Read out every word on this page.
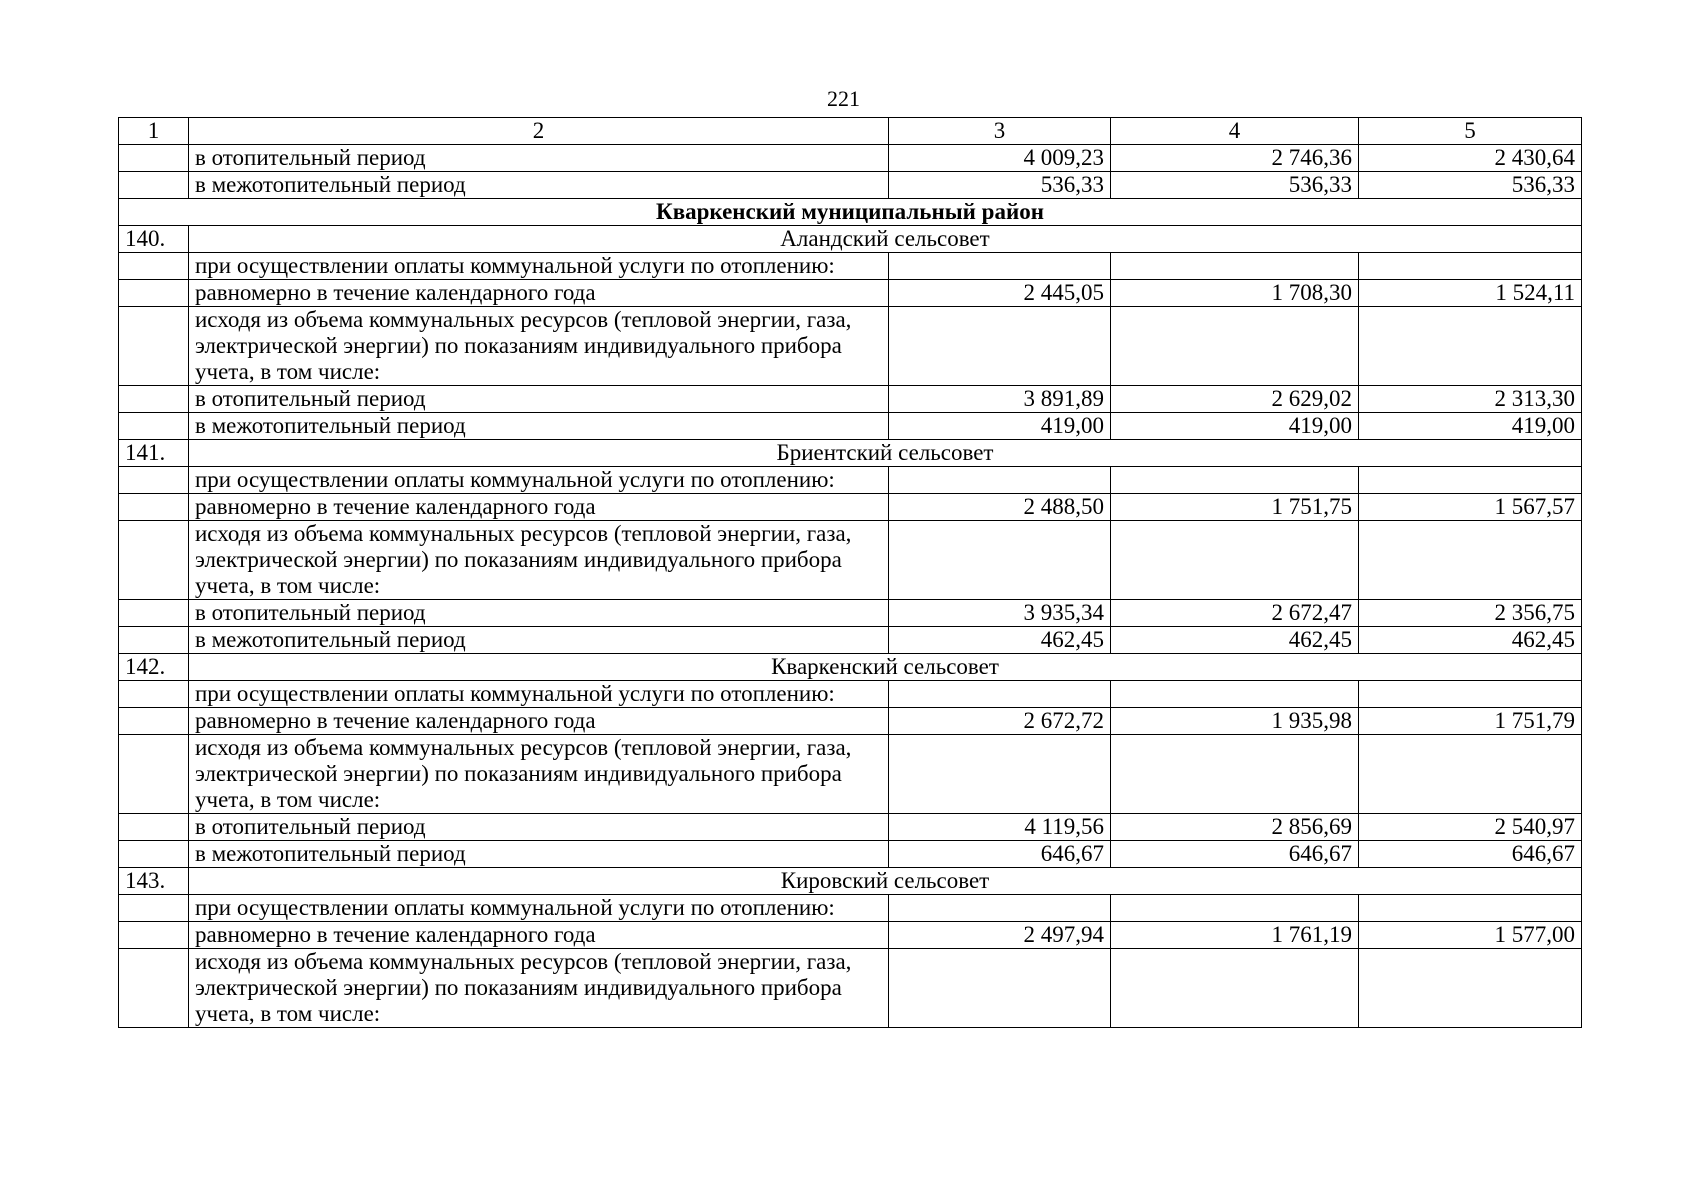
221
1	2	3	4	5
	в отопительный период	4 009,23	2 746,36	2 430,64
	в межотопительный период	536,33	536,33	536,33
Кваркенский муниципальный район				
140.	Аландский сельсовет			
	при осуществлении оплаты коммунальной услуги по отоплению:			
	равномерно в течение календарного года	2 445,05	1 708,30	1 524,11
	исходя из объема коммунальных ресурсов (тепловой энергии, газа, электрической энергии) по показаниям индивидуального прибора учета, в том числе:			
	в отопительный период	3 891,89	2 629,02	2 313,30
	в межотопительный период	419,00	419,00	419,00
141.	Бриентский сельсовет			
	при осуществлении оплаты коммунальной услуги по отоплению:			
	равномерно в течение календарного года	2 488,50	1 751,75	1 567,57
	исходя из объема коммунальных ресурсов (тепловой энергии, газа, электрической энергии) по показаниям индивидуального прибора учета, в том числе:			
	в отопительный период	3 935,34	2 672,47	2 356,75
	в межотопительный период	462,45	462,45	462,45
142.	Кваркенский сельсовет			
	при осуществлении оплаты коммунальной услуги по отоплению:			
	равномерно в течение календарного года	2 672,72	1 935,98	1 751,79
	исходя из объема коммунальных ресурсов (тепловой энергии, газа, электрической энергии) по показаниям индивидуального прибора учета, в том числе:			
	в отопительный период	4 119,56	2 856,69	2 540,97
	в межотопительный период	646,67	646,67	646,67
143.	Кировский сельсовет			
	при осуществлении оплаты коммунальной услуги по отоплению:			
	равномерно в течение календарного года	2 497,94	1 761,19	1 577,00
	исходя из объема коммунальных ресурсов (тепловой энергии, газа, электрической энергии) по показаниям индивидуального прибора учета, в том числе:			
